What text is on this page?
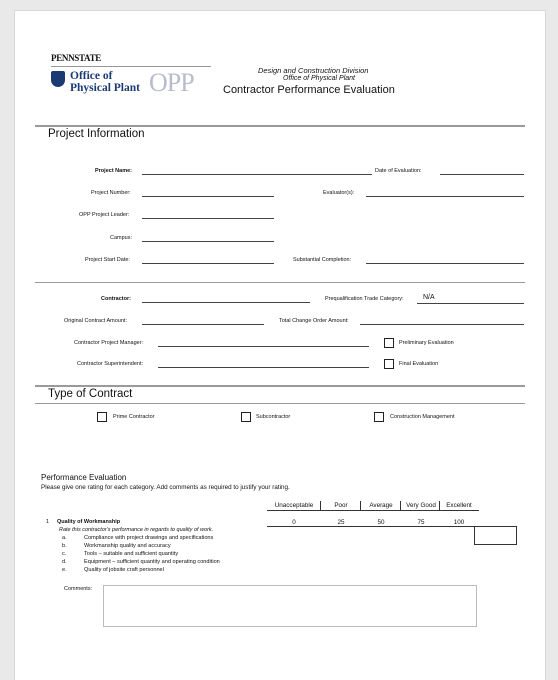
PENNSTATE
Office of
Physical Plant OPP	Design and Construction Division
Office of Physical Plant
Contractor Performance Evaluation
Project Information
Project Name:	Date of Evaluation:
Project Number:	Evaluator(s):
OPP Project Leader:
Campus:
Project Start Date:	Substantial Completion:
Contractor:	Prequalification Trade Category:	N/A
Original Contract Amount:	Total Change Order Amount:
Contractor Project Manager:	Preliminary Evaluation
Contractor Superintendent:	Final Evaluation
Type of Contract
Prime Contractor	Subcontractor	Construction Management
Performance Evaluation
Please give one rating for each category. Add comments as required to justify your rating.
Unacceptable	Poor	Average	Very Good	Excellent
1 Quality of Workmanship	0	25	50	75	100
Rate this contractor's performance in regards to quality of work.
a.	Compliance with project drawings and specifications
b.	Workmanship quality and accuracy
c.	Tools – suitable and sufficient quantity
d.	Equipment – sufficient quantity and operating condition
e.	Quality of jobsite craft personnel
Comments:
